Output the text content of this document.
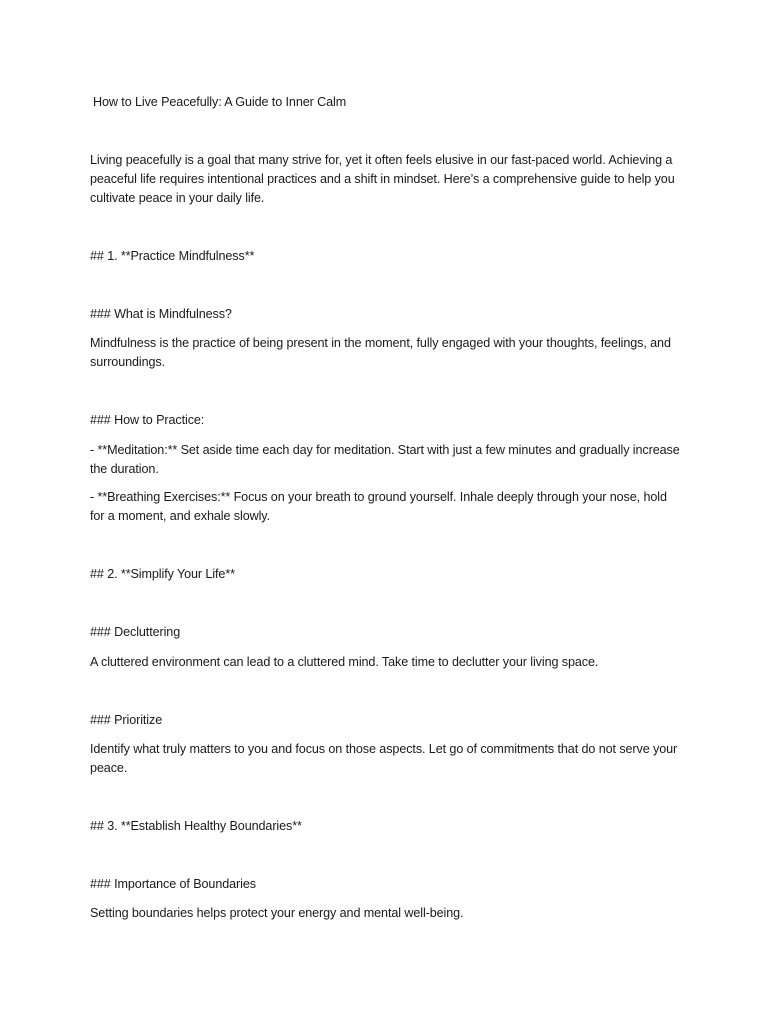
How to Live Peacefully: A Guide to Inner Calm
Living peacefully is a goal that many strive for, yet it often feels elusive in our fast-paced world. Achieving a peaceful life requires intentional practices and a shift in mindset. Here’s a comprehensive guide to help you cultivate peace in your daily life.
## 1. **Practice Mindfulness**
### What is Mindfulness?
Mindfulness is the practice of being present in the moment, fully engaged with your thoughts, feelings, and surroundings.
### How to Practice:
- **Meditation:** Set aside time each day for meditation. Start with just a few minutes and gradually increase the duration.
- **Breathing Exercises:** Focus on your breath to ground yourself. Inhale deeply through your nose, hold for a moment, and exhale slowly.
## 2. **Simplify Your Life**
### Decluttering
A cluttered environment can lead to a cluttered mind. Take time to declutter your living space.
### Prioritize
Identify what truly matters to you and focus on those aspects. Let go of commitments that do not serve your peace.
## 3. **Establish Healthy Boundaries**
### Importance of Boundaries
Setting boundaries helps protect your energy and mental well-being.
